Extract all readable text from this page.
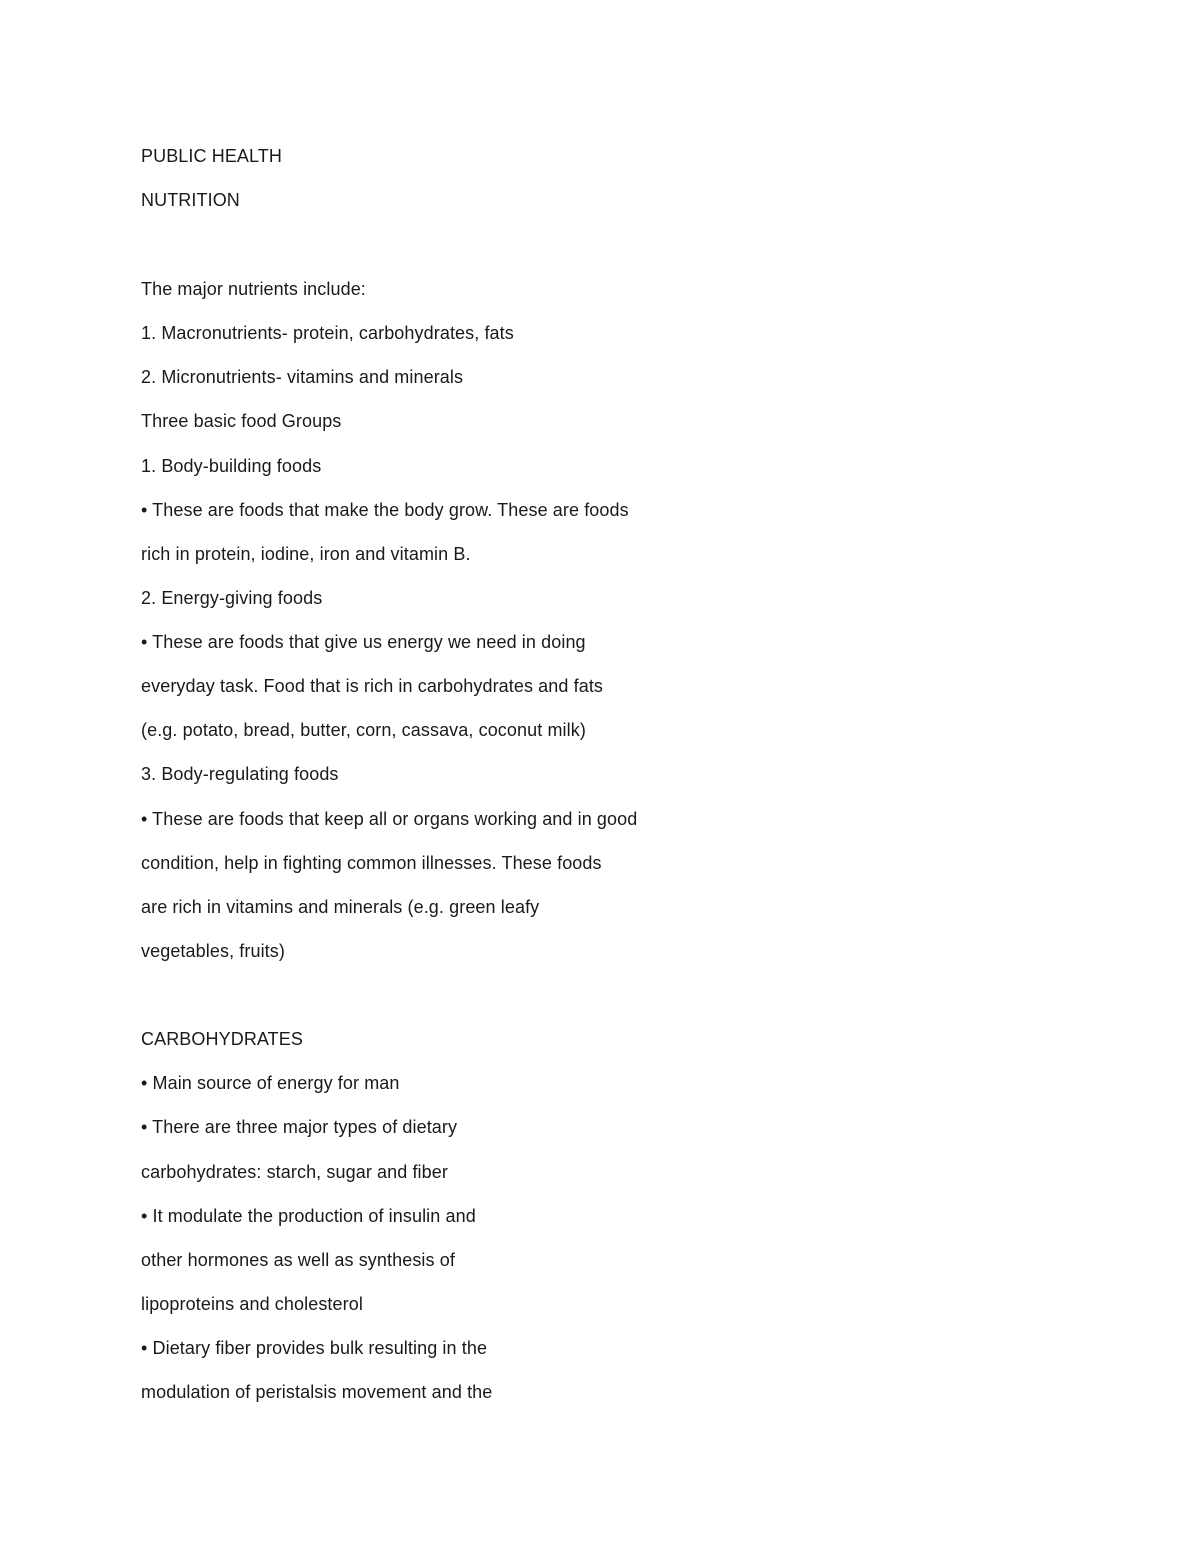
PUBLIC HEALTH
NUTRITION
The major nutrients include:
1. Macronutrients- protein, carbohydrates, fats
2. Micronutrients- vitamins and minerals
Three basic food Groups
1. Body-building foods
• These are foods that make the body grow. These are foods
rich in protein, iodine, iron and vitamin B.
2. Energy-giving foods
• These are foods that give us energy we need in doing
everyday task. Food that is rich in carbohydrates and fats
(e.g. potato, bread, butter, corn, cassava, coconut milk)
3. Body-regulating foods
• These are foods that keep all or organs working and in good
condition, help in fighting common illnesses. These foods
are rich in vitamins and minerals (e.g. green leafy
vegetables, fruits)
CARBOHYDRATES
• Main source of energy for man
• There are three major types of dietary
carbohydrates: starch, sugar and fiber
• It modulate the production of insulin and
other hormones as well as synthesis of
lipoproteins and cholesterol
• Dietary fiber provides bulk resulting in the
modulation of peristalsis movement and the
